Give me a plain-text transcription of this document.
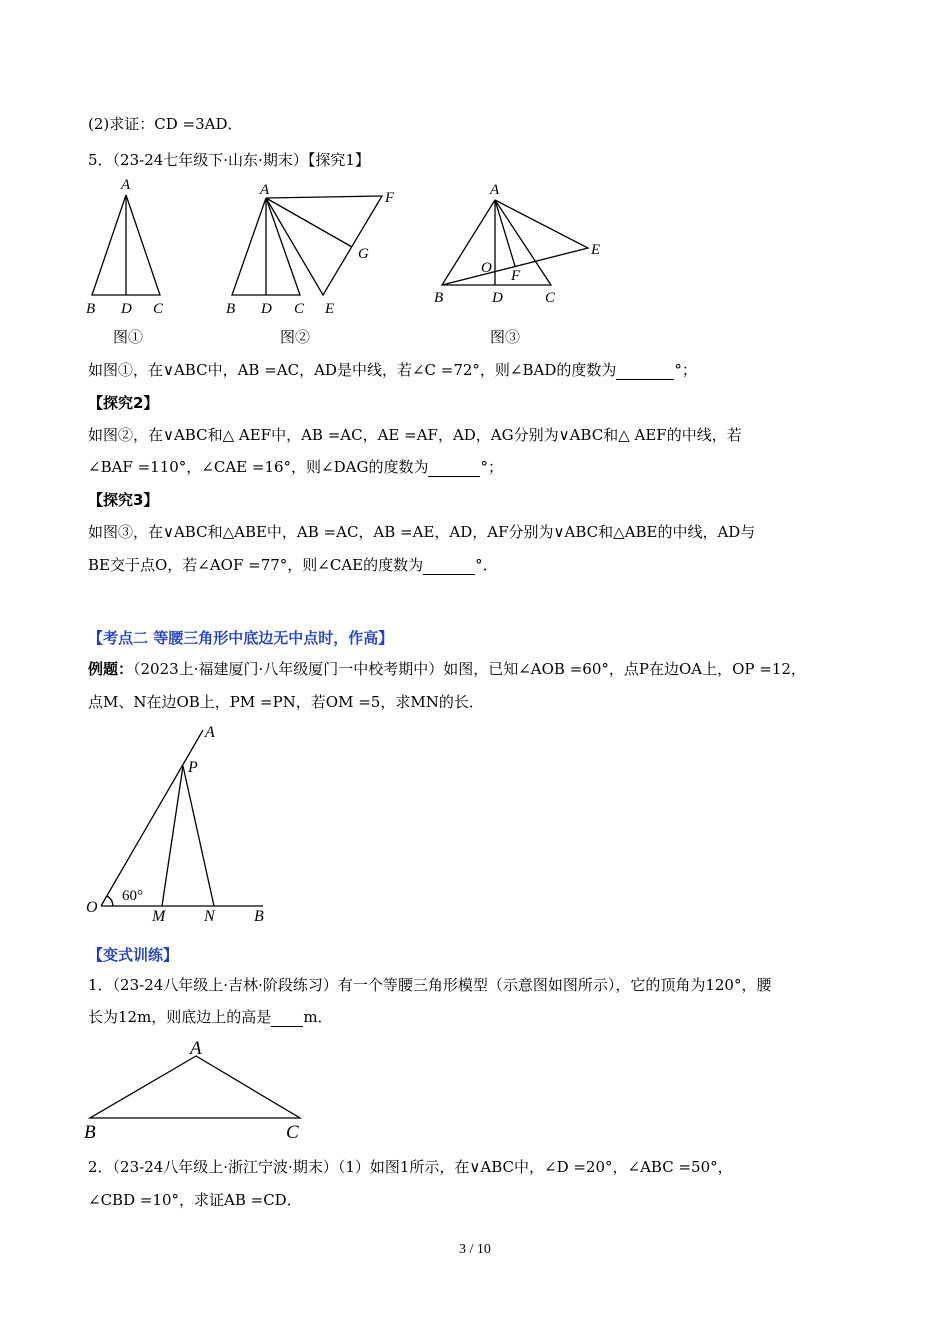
(2)求证：CD =3AD．
5．（23-24七年级下·山东·期末）【探究1】
A
B D C
图①
A
B D C E
F
G
图②
A
B	D	C
E
O F
图③
如图①，在∨ABC中，AB =AC，AD是中线，若∠C =72°，则∠BAD的度数为	°；
【探究2】
如图②，在∨ABC和△ AEF中，AB =AC，AE =AF，AD，AG分别为∨ABC和△ AEF的中线，若
∠BAF =110°，∠CAE =16°，则∠DAG的度数为	°；
【探究3】
如图③，在∨ABC和△ABE中，AB =AC，AB =AE，AD，AF分别为∨ABC和△ABE的中线，AD与
BE交于点O，若∠AOF =77°，则∠CAE的度数为	°．
【考点二 等腰三角形中底边无中点时，作高】
例题：（2023上·福建厦门·八年级厦门一中校考期中）如图，已知∠AOB =60°，点P在边OA上，OP =12，
点M、N在边OB上，PM =PN，若OM =5，求MN的长．
A
P
O
M N B
60°
【变式训练】
1．（23-24八年级上·吉林·阶段练习）有一个等腰三角形模型（示意图如图所示），它的顶角为120°，腰
长为12m，则底边上的高是 m．
A
B	C
2．（23-24八年级上·浙江宁波·期末）（1）如图1所示，在∨ABC中，∠D =20°，∠ABC =50°，
∠CBD =10°，求证AB =CD．
3 / 10
